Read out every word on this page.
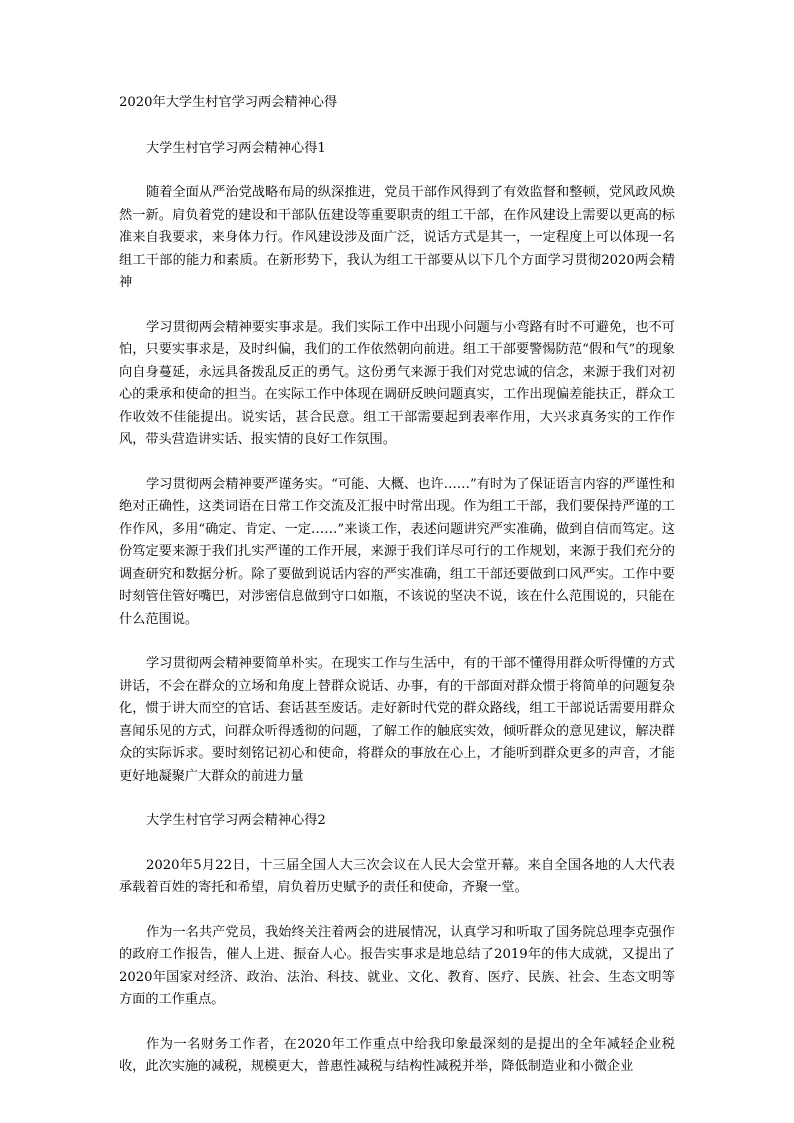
2020年大学生村官学习两会精神心得
大学生村官学习两会精神心得1

随着全面从严治党战略布局的纵深推进，党员干部作风得到了有效监督和整顿，党风政风焕然一新。肩负着党的建设和干部队伍建设等重要职责的组工干部，在作风建设上需要以更高的标准来自我要求，来身体力行。作风建设涉及面广泛，说话方式是其一，一定程度上可以体现一名组工干部的能力和素质。在新形势下，我认为组工干部要从以下几个方面学习贯彻2020两会精神

学习贯彻两会精神要实事求是。我们实际工作中出现小问题与小弯路有时不可避免，也不可怕，只要实事求是，及时纠偏，我们的工作依然朝向前进。组工干部要警惕防范“假和气”的现象向自身蔓延，永远具备拨乱反正的勇气。这份勇气来源于我们对党忠诚的信念，来源于我们对初心的秉承和使命的担当。在实际工作中体现在调研反映问题真实，工作出现偏差能扶正，群众工作收效不佳能提出。说实话，甚合民意。组工干部需要起到表率作用，大兴求真务实的工作作风，带头营造讲实话、报实情的良好工作氛围。

学习贯彻两会精神要严谨务实。“可能、大概、也许……”有时为了保证语言内容的严谨性和绝对正确性，这类词语在日常工作交流及汇报中时常出现。作为组工干部，我们要保持严谨的工作作风，多用“确定、肯定、一定……”来谈工作，表述问题讲究严实准确，做到自信而笃定。这份笃定要来源于我们扎实严谨的工作开展，来源于我们详尽可行的工作规划，来源于我们充分的调查研究和数据分析。除了要做到说话内容的严实准确，组工干部还要做到口风严实。工作中要时刻管住管好嘴巴，对涉密信息做到守口如瓶，不该说的坚决不说，该在什么范围说的，只能在什么范围说。

学习贯彻两会精神要简单朴实。在现实工作与生活中，有的干部不懂得用群众听得懂的方式讲话，不会在群众的立场和角度上替群众说话、办事，有的干部面对群众惯于将简单的问题复杂化，惯于讲大而空的官话、套话甚至废话。走好新时代党的群众路线，组工干部说话需要用群众喜闻乐见的方式，问群众听得透彻的问题，了解工作的触底实效，倾听群众的意见建议，解决群众的实际诉求。要时刻铭记初心和使命，将群众的事放在心上，才能听到群众更多的声音，才能更好地凝聚广大群众的前进力量

大学生村官学习两会精神心得2

2020年5月22日，十三届全国人大三次会议在人民大会堂开幕。来自全国各地的人大代表承载着百姓的寄托和希望，肩负着历史赋予的责任和使命，齐聚一堂。

作为一名共产党员，我始终关注着两会的进展情况，认真学习和听取了国务院总理李克强作的政府工作报告，催人上进、振奋人心。报告实事求是地总结了2019年的伟大成就，又提出了2020年国家对经济、政治、法治、科技、就业、文化、教育、医疗、民族、社会、生态文明等方面的工作重点。

作为一名财务工作者，在2020年工作重点中给我印象最深刻的是提出的全年减轻企业税收，此次实施的减税，规模更大，普惠性减税与结构性减税并举，降低制造业和小微企业
